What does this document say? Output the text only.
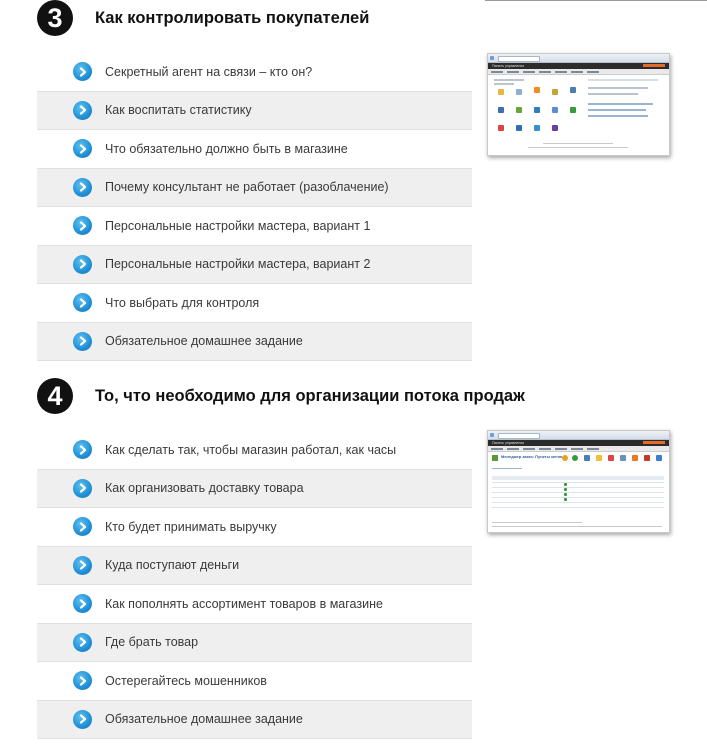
3	Как контролировать покупателей
Секретный агент на связи – кто он?
Как воспитать статистику
Что обязательно должно быть в магазине
Почему консультант не работает (разоблачение)
Персональные настройки мастера, вариант 1
Персональные настройки мастера, вариант 2
Что выбрать для контроля
Обязательное домашнее задание
Панель управления
4	То, что необходимо для организации потока продаж
Как сделать так, чтобы магазин работал, как часы
Как организовать доставку товара
Кто будет принимать выручку
Куда поступают деньги
Как пополнять ассортимент товаров в магазине
Где брать товар
Остерегайтесь мошенников
Обязательное домашнее задание
Панель управления
Менеджер заказ: Пункты меню
